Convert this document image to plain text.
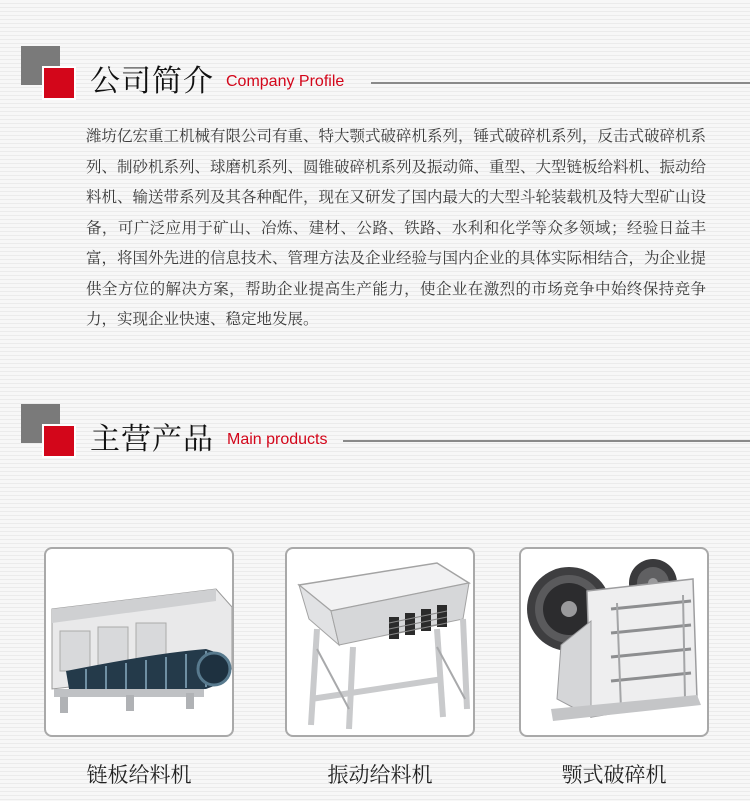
公司简介 Company Profile
潍坊亿宏重工机械有限公司有重、特大颚式破碎机系列，锤式破碎机系列，反击式破碎机系列、制砂机系列、球磨机系列、圆锥破碎机系列及振动筛、重型、大型链板给料机、振动给料机、输送带系列及其各种配件，现在又研发了国内最大的大型斗轮装载机及特大型矿山设备，可广泛应用于矿山、冶炼、建材、公路、铁路、水利和化学等众多领域；经验日益丰富，将国外先进的信息技术、管理方法及企业经验与国内企业的具体实际相结合，为企业提供全方位的解决方案，帮助企业提高生产能力，使企业在激烈的市场竞争中始终保持竞争力，实现企业快速、稳定地发展。
主营产品 Main products
链板给料机	振动给料机	颚式破碎机
